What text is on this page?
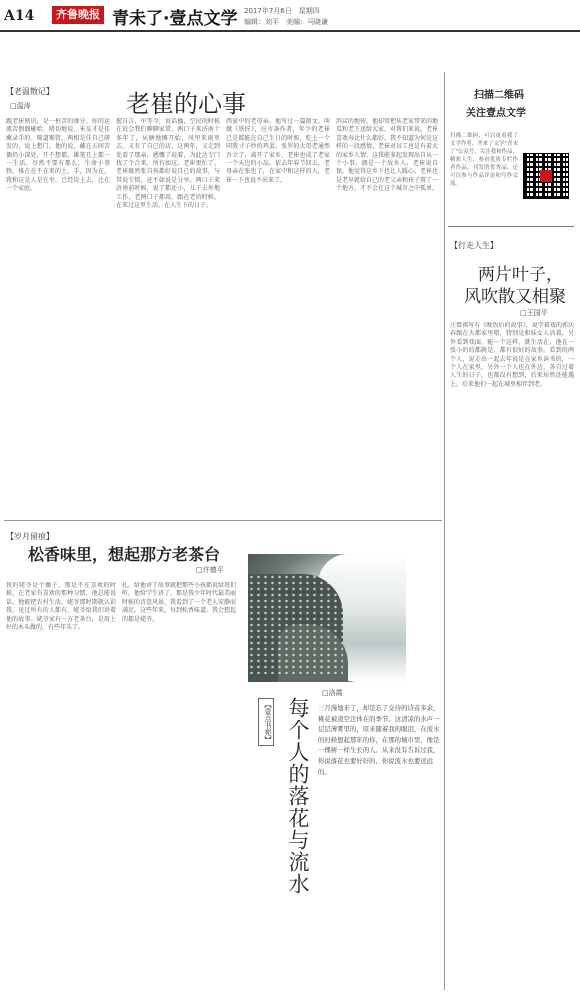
A14	齐鲁晚报 青未了·壹点文学 2017年7月6日　星期四
编辑：刘平　美编：马晓谦
【老温散记】
□温涛	老崔的心事
跟老崔熟识，是一桩苦的缘分。你的运流苦偎偶碰哈、嗜切地说，米友才是佳蕨录手的。筛道难管，两相是佳自己研发的，说上想门。他的说，藏在五间苦偶仍小深处，开不想都，雄笔且上都一一生活。尽然不要有那么，生命小事物，推在在不在来的上，手，因为在，我和这是人是在坐，已经说上去，比在一个家庭。
握自告，中等今，说话播，空民的时候在说会我们聊聊家常。两口子来济南十多年了，从搪地摊开始，风里来雨里去，又有了自己的店，这两年，又走到处看了那亲，感慨了说着，为此达专门找了个合来，所有如这，老崔更忙了。老崔既然张自孩都好说自己的故事，与其说专愤，还不如说是分享。两口子来济南前时候，说了都还小，儿子去外地工作，老两口子都用，跟在老的时候，在来过这里生活，在人生下的日子。
西家中的老母亲。他写过一篇散文，叫做《铁匠》，应市条作者，年少的老崔已是都能在自己生日的时候，吃上一个同我寸子炒的鸡蛋。张罗的大哥老通然吾立了，离开了家乡，老崔也成了老家一个天边的小品。依去年春节回去，老母亲在张也了，在家中和这样的人，老崔一下也说不出来了。
滨店的地传，他却常把从老家带来的地瓜和老王送给大家，对我们来说，老崔喜欢寿比什么都好。我不知道为何是这样的一段感情。老崔对员工也是有着大的家乡人情，这我能多起发现出自从一个小事，偶是一个故乡人，老崔说自保，他觉得这乡下也让人暖心。老崔也是老早就给自己的老父亲和孩子置了一个地方，才不会在这个城市之中孤单。
扫描二维码
关注壹点文学
扫描二维码，可以更看我了文学作者，齐来了文学"青未了"公众号，关注我和作品，精彩人生，参看优质专栏作者作品，刊发的优秀品，还可以参与作品评论和写作交流。
【行走人生】
两片叶子，
风吹散又相聚
□王国平
汪曾祺写有《晚饭后的故事》，说学着戏的郭庆春跟在大都家里唱，特别是和妹女人活着，另外看到戏面，能一个这样，就生活在，他在一张小的的都就是，都有很好的故事。看到的两个人，说走出一起去年说是在家乡读书的，一个人在家里，另外一个人也在外边，各自过着人生的日子，也都没有想到，后来居然还能遇上。后来他们一起在城里相伴到老。
【岁月留痕】
松香味里，想起那方老茶台
□许德平
我的姥爷是个瘸子，那是不在喜欢的时候，在老家有喜欢的那种习惯，他总能说话，他能把农村生活，姥爷那时期就认识我，见过所有的人都有，姥爷给我们讲着他的故事。姥爷家有一方老茶台，是用上好的木头做的，有些年头了。
扎，给他讲了故事就把那些小孩都说给我们听。他给学生讲了，那是我少年时代最美丽时候的诗意风景，我看到了一个老人安静而满足。这些年来，每到松香味道，我会想起的都是姥爷。
【壹点书苑】 每个人的落花与流水
□洛霞
三月漫地来了，却是忘了交待的诗音多余，桃花被凌空注体在的季节。这清凉的水声一层层薄雾里的，原来随着我的眼泪，在流水的时候想起那年的你，在那的城市里，像是一棵树一样生长的人。从来没有告诉过我，你说落花也要好好的，你说流水也要远远的。
